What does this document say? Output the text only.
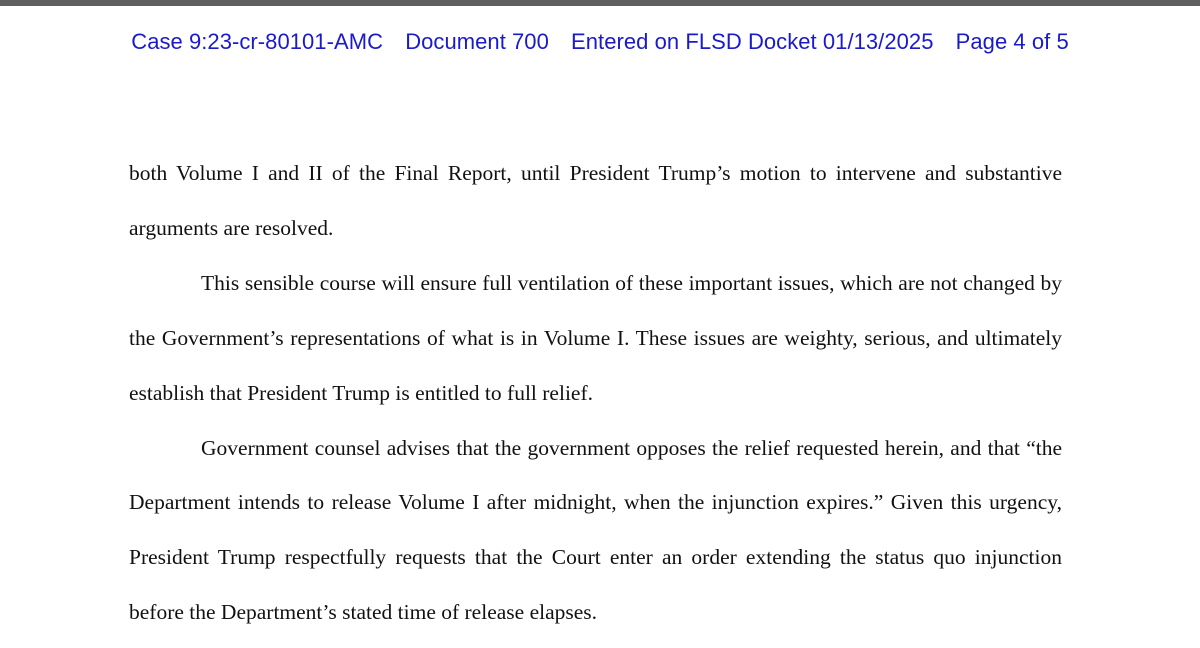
Case 9:23-cr-80101-AMC Document 700 Entered on FLSD Docket 01/13/2025 Page 4 of 5

both Volume I and II of the Final Report, until President Trump’s motion to intervene and substantive arguments are resolved.

This sensible course will ensure full ventilation of these important issues, which are not changed by the Government’s representations of what is in Volume I. These issues are weighty, serious, and ultimately establish that President Trump is entitled to full relief.

Government counsel advises that the government opposes the relief requested herein, and that “the Department intends to release Volume I after midnight, when the injunction expires.” Given this urgency, President Trump respectfully requests that the Court enter an order extending the status quo injunction before the Department’s stated time of release elapses.
